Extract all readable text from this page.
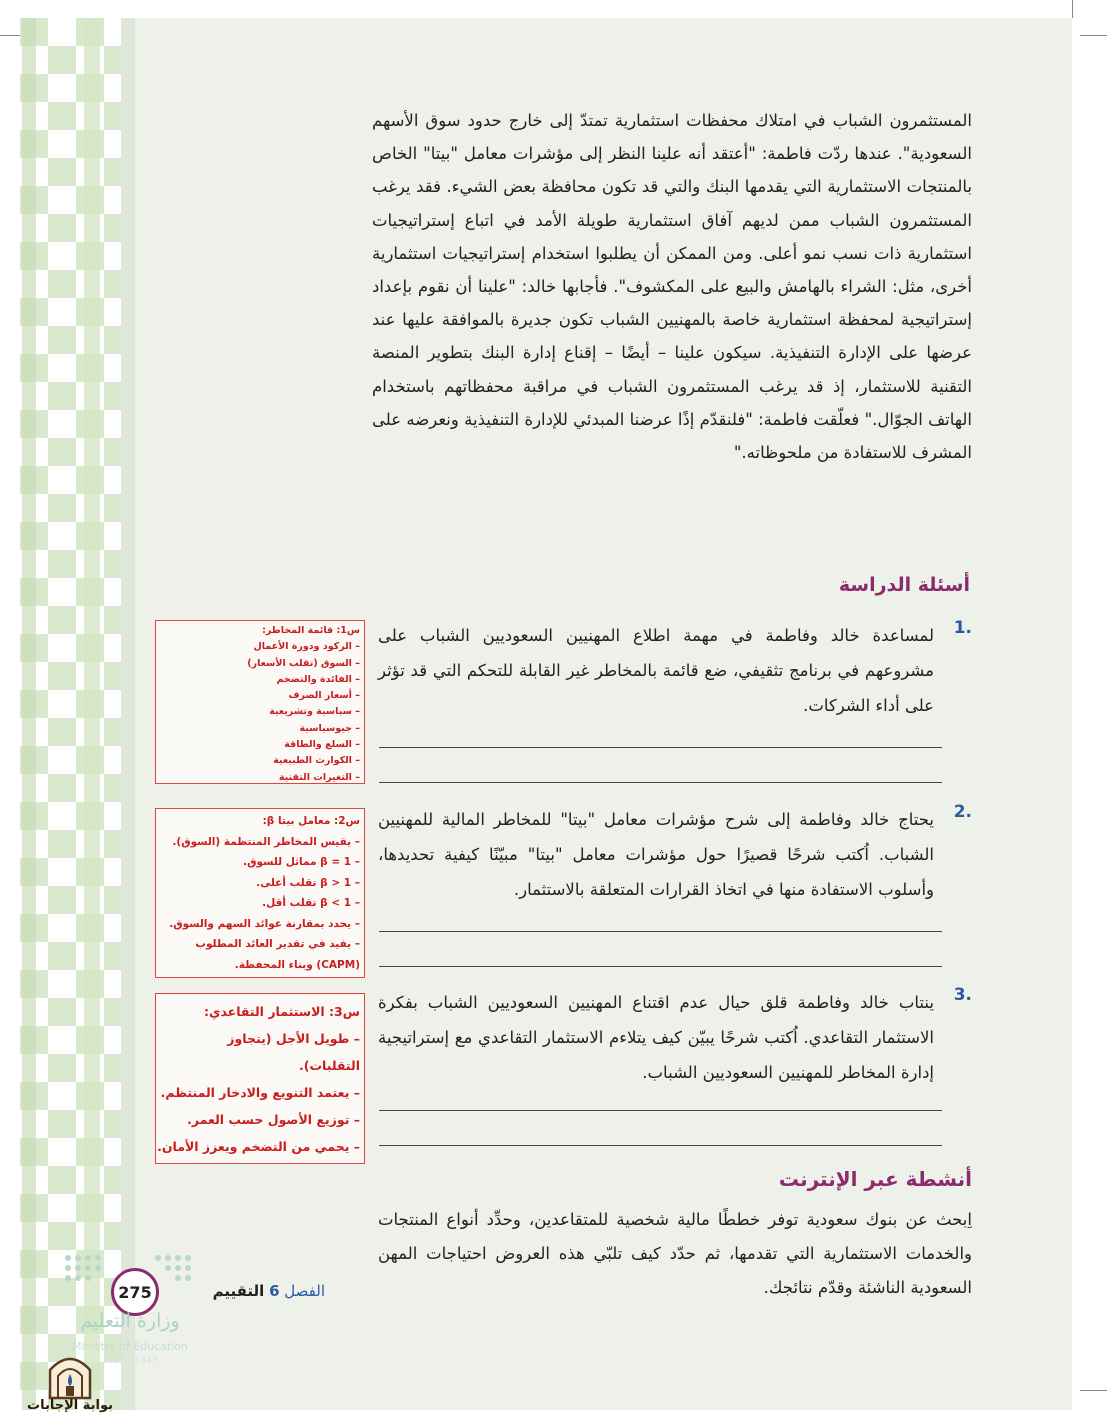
المستثمرون الشباب في امتلاك محفظات استثمارية تمتدّ إلى خارج حدود سوق الأسهم السعودية". عندها ردّت فاطمة: "أعتقد أنه علينا النظر إلى مؤشرات معامل "بيتا" الخاص بالمنتجات الاستثمارية التي يقدمها البنك والتي قد تكون محافظة بعض الشيء. فقد يرغب المستثمرون الشباب ممن لديهم آفاق استثمارية طويلة الأمد في اتباع إستراتيجيات استثمارية ذات نسب نمو أعلى. ومن الممكن أن يطلبوا استخدام إستراتيجيات استثمارية أخرى، مثل: الشراء بالهامش والبيع على المكشوف". فأجابها خالد: "علينا أن نقوم بإعداد إستراتيجية لمحفظة استثمارية خاصة بالمهنيين الشباب تكون جديرة بالموافقة عليها عند عرضها على الإدارة التنفيذية. سيكون علينا – أيضًا – إقناع إدارة البنك بتطوير المنصة التقنية للاستثمار، إذ قد يرغب المستثمرون الشباب في مراقبة محفظاتهم باستخدام الهاتف الجوّال." فعلّقت فاطمة: "فلنقدّم إذًا عرضنا المبدئي للإدارة التنفيذية ونعرضه على المشرف للاستفادة من ملحوظاته."

أسئلة الدراسة
.1

لمساعدة خالد وفاطمة في مهمة اطلاع المهنيين السعوديين الشباب على مشروعهم في برنامج تثقيفي، ضع قائمة بالمخاطر غير القابلة للتحكم التي قد تؤثر على أداء الشركات.

.2

يحتاج خالد وفاطمة إلى شرح مؤشرات معامل "بيتا" للمخاطر المالية للمهنيين الشباب. اُكتب شرحًا قصيرًا حول مؤشرات معامل "بيتا" مبيّنًا كيفية تحديدها، وأسلوب الاستفادة منها في اتخاذ القرارات المتعلقة بالاستثمار.

.3

ينتاب خالد وفاطمة قلق حيال عدم اقتناع المهنيين السعوديين الشباب بفكرة الاستثمار التقاعدي. اُكتب شرحًا يبيّن كيف يتلاءم الاستثمار التقاعدي مع إستراتيجية إدارة المخاطر للمهنيين السعوديين الشباب.

س1: قائمة المخاطر:
– الركود ودورة الأعمال
– السوق (تقلب الأسعار)
– الفائدة والتضخم
– أسعار الصرف
– سياسية وتشريعية
– جيوسياسية
– السلع والطاقة
– الكوارث الطبيعية
– التغيرات التقنية
س2: معامل بيتا β:
– يقيس المخاطر المنتظمة (السوق).
– β = 1 مماثل للسوق.
– β > 1 تقلب أعلى.
– β < 1 تقلب أقل.
– يحدد بمقارنة عوائد السهم والسوق.
– يفيد في تقدير العائد المطلوب
(CAPM) وبناء المحفظة.
س3: الاستثمار التقاعدي:
– طويل الأجل (يتجاوز
التقلبات).
– يعتمد التنويع والادخار المنتظم.
– توزيع الأصول حسب العمر.
– يحمي من التضخم ويعزز الأمان.
أنشطة عبر الإنترنت

اِبحث عن بنوك سعودية توفر خططًا مالية شخصية للمتقاعدين، وحدِّد أنواع المنتجات والخدمات الاستثمارية التي تقدمها، ثم حدّد كيف تلبّي هذه العروض احتياجات المهن السعودية الناشئة وقدّم نتائجك.

الفصل 6 التقييم
275
وزارة التعليم
Ministry of Education
2025 - 1447
بوابة الإجابات
